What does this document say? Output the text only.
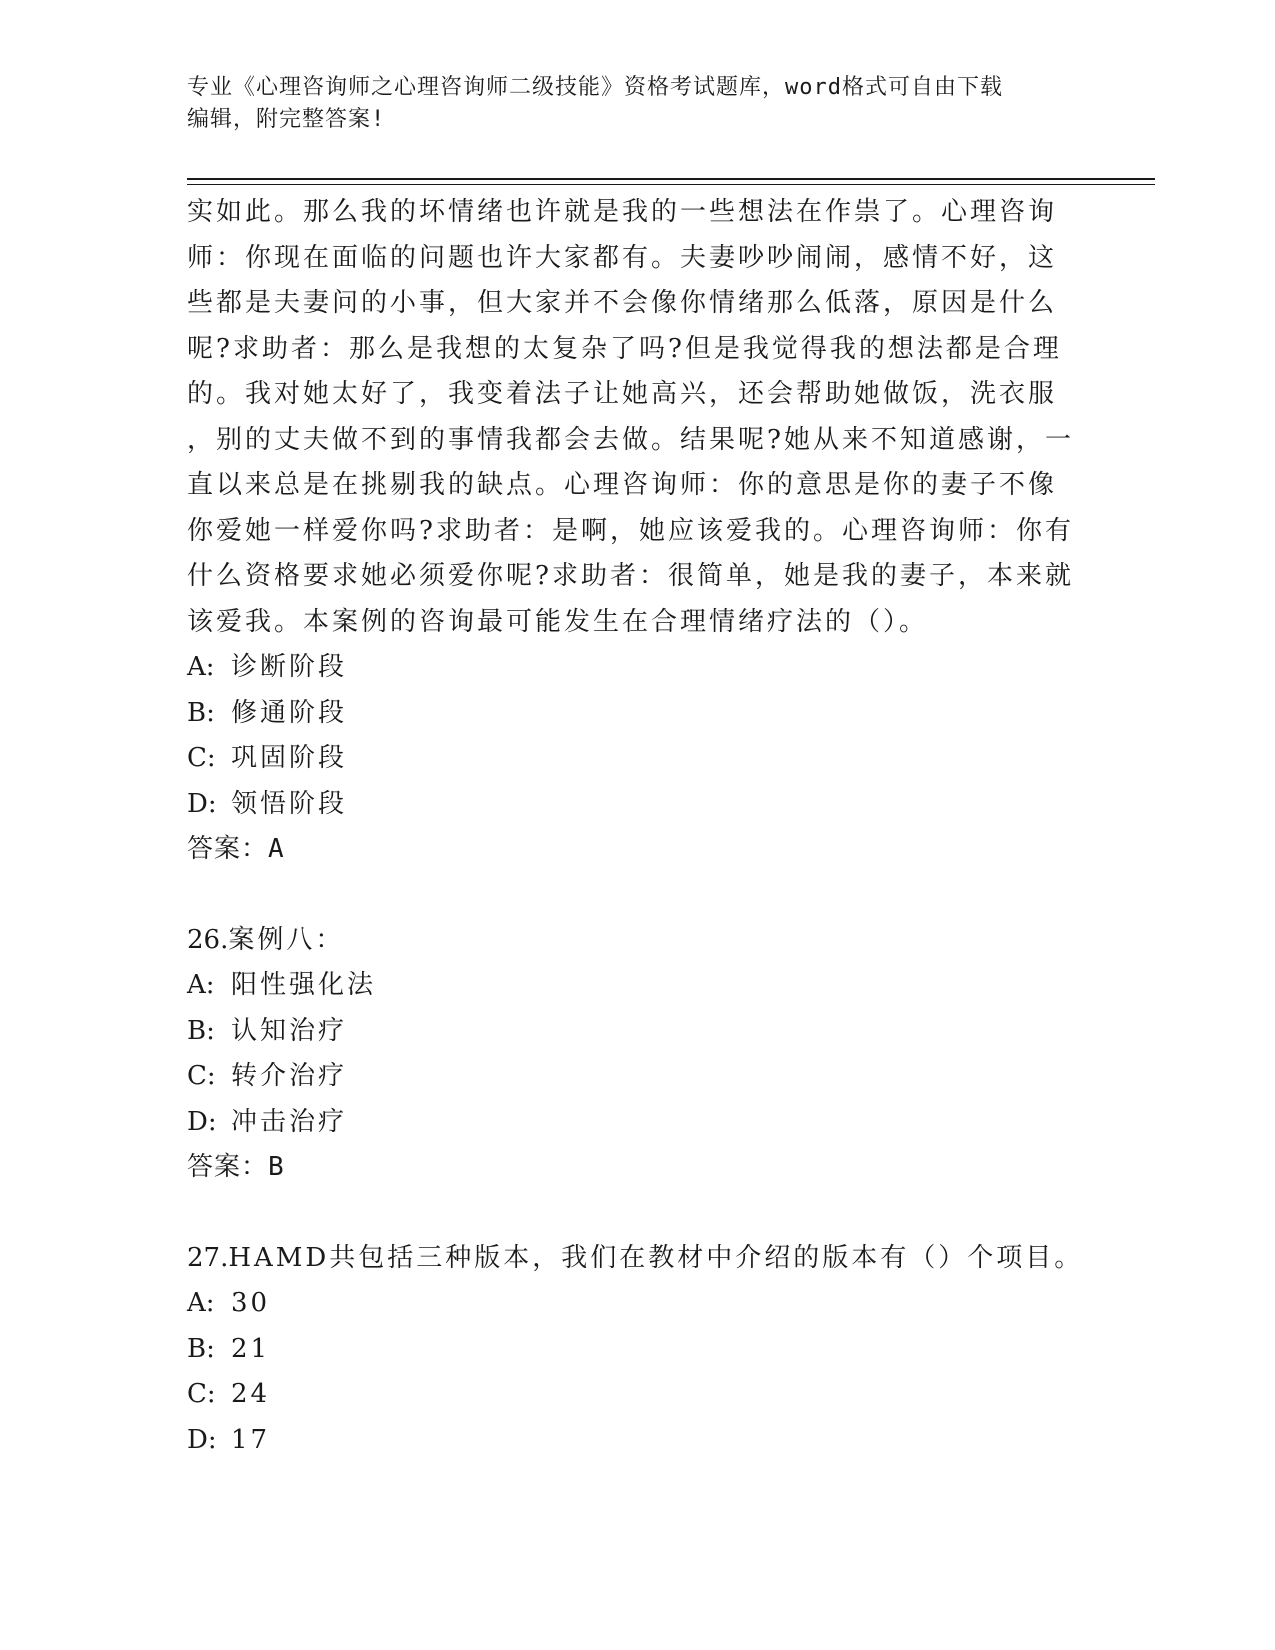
专业《心理咨询师之心理咨询师二级技能》资格考试题库，word格式可自由下载
编辑，附完整答案!

实如此。那么我的坏情绪也许就是我的一些想法在作祟了。心理咨询

师：你现在面临的问题也许大家都有。夫妻吵吵闹闹，感情不好，这

些都是夫妻问的小事，但大家并不会像你情绪那么低落，原因是什么

呢?求助者：那么是我想的太复杂了吗?但是我觉得我的想法都是合理

的。我对她太好了，我变着法子让她高兴，还会帮助她做饭，洗衣服

，别的丈夫做不到的事情我都会去做。结果呢?她从来不知道感谢，一

直以来总是在挑剔我的缺点。心理咨询师：你的意思是你的妻子不像

你爱她一样爱你吗?求助者：是啊，她应该爱我的。心理咨询师：你有

什么资格要求她必须爱你呢?求助者：很简单，她是我的妻子，本来就

该爱我。本案例的咨询最可能发生在合理情绪疗法的（）。

A: 诊断阶段
B: 修通阶段
C: 巩固阶段
D: 领悟阶段
答案：A
26.案例八：
A: 阳性强化法
B: 认知治疗
C: 转介治疗
D: 冲击治疗
答案：B
27.HAMD共包括三种版本，我们在教材中介绍的版本有（）个项目。
A: 30
B: 21
C: 24
D: 17
